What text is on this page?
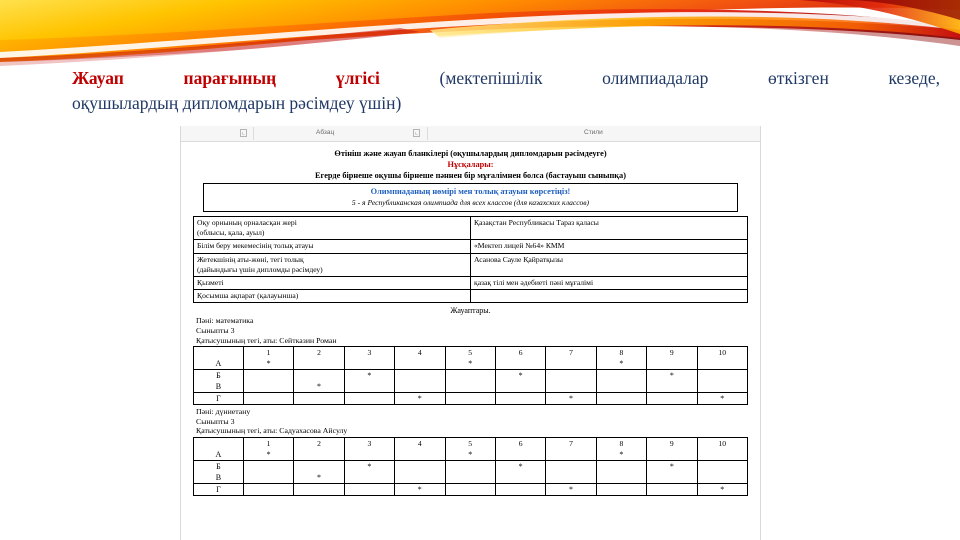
Жауап парағының үлгісі	(мектепішілік олимпиадалар өткізген кезеде,

оқушылардың дипломдарын рәсімдеу үшін)

⌞	Абзац	⌞	Стили
Өтініш және жауап бланкілері (оқушылардың дипломдарын рәсімдеуге)
Нұсқалары:
Егерде бірнеше оқушы бірнеше пәннен бір мұғалімнен болса (бастауыш сыныпқа)
Олимпиаданың нөмірі мен толық атауын көрсетіңіз!
5 - я Республиканская олимпиада для всех классов (для казахских классов)
Оқу орнының орналасқан жері
(облысы, қала, ауыл)	Қазақстан Республикасы Тараз қаласы
Білім беру мекемесінің толық атауы	«Мектеп лицей №64» КММ
Жетекшінің аты-жөні, тегі толық
(дайындығы үшін дипломды рәсімдеу)	Асанова Сауле Қайратқызы
Қызметі	қазақ тілі мен әдебиеті пәні мұғалімі
Қосымша ақпарат (қалауынша)	
Жауаптары.
Пәні: математика
Сыныпты 3
Қатысушының тегі, аты: Сейтказин Роман
	1	2	3	4	5	6	7	8	9	10
А	*				*			*		
Б			*			*			*	
В		*								
Г				*			*			*
Пәні: дүниетану
Сыныпты 3
Қатысушының тегі, аты: Садуахасова Айсулу
	1	2	3	4	5	6	7	8	9	10
А	*				*			*		
Б			*			*			*	
В		*								
Г				*			*			*
